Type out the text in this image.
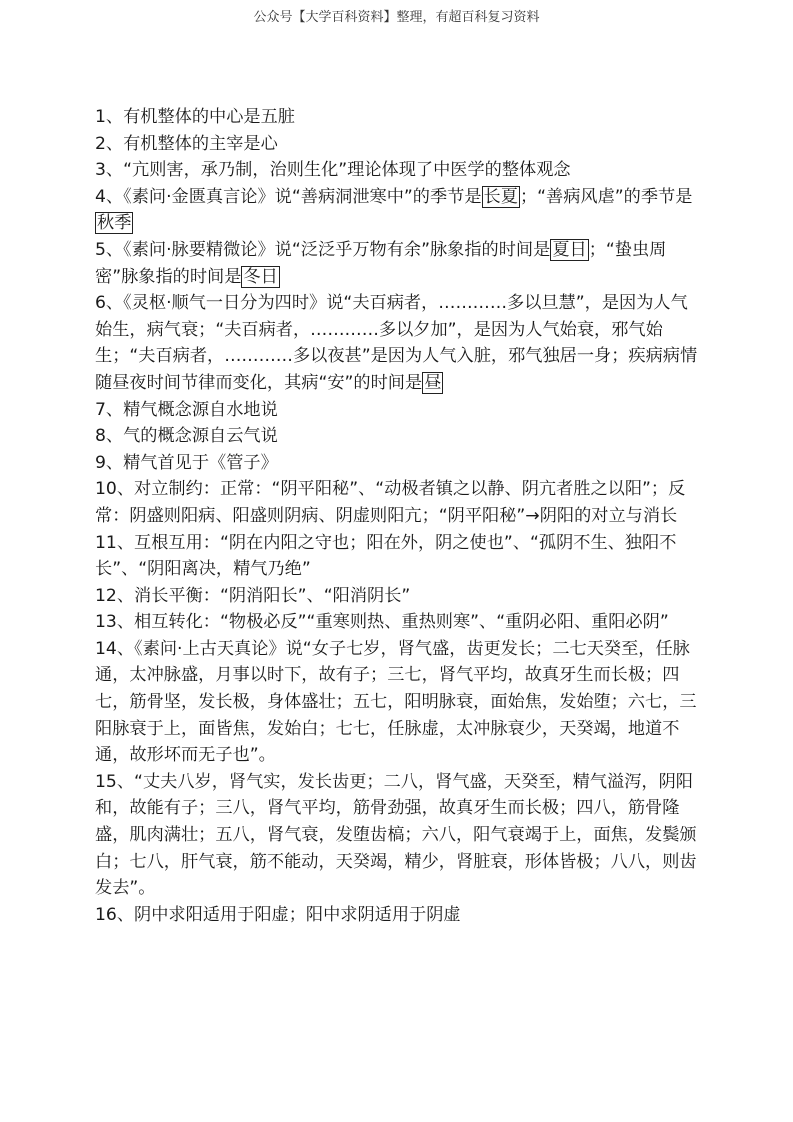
公众号【大学百科资料】整理，有超百科复习资料

1、有机整体的中心是五脏

2、有机整体的主宰是心

3、“亢则害，承乃制，治则生化”理论体现了中医学的整体观念

4、《素问·金匮真言论》说“善病洞泄寒中”的季节是 长夏 ；“善病风虐”的季节是秋季

5、《素问·脉要精微论》说“泛泛乎万物有余”脉象指的时间是 夏日 ；“蛰虫周密”脉象指的时间是 冬日

6、《灵枢·顺气一日分为四时》说“夫百病者，…………多以旦慧”，是因为人气始生，病气衰；“夫百病者，…………多以夕加”，是因为人气始衰，邪气始生；“夫百病者，…………多以夜甚”是因为人气入脏，邪气独居一身；疾病病情随昼夜时间节律而变化，其病“安”的时间是 昼

7、精气概念源自水地说

8、气的概念源自云气说

9、精气首见于《管子》

10、对立制约：正常：“阴平阳秘”、“动极者镇之以静、阴亢者胜之以阳”；反常：阴盛则阳病、阳盛则阴病、阴虚则阳亢；“阴平阳秘”→阴阳的对立与消长

11、互根互用：“阴在内阳之守也；阳在外，阴之使也”、“孤阴不生、独阳不长”、“阴阳离决，精气乃绝”

12、消长平衡：“阴消阳长”、“阳消阴长”

13、相互转化：“物极必反”“重寒则热、重热则寒”、“重阴必阳、重阳必阴”

14、《素问·上古天真论》说“女子七岁，肾气盛，齿更发长；二七天癸至，任脉通，太冲脉盛，月事以时下，故有子；三七，肾气平均，故真牙生而长极；四七，筋骨坚，发长极，身体盛壮；五七，阳明脉衰，面始焦，发始堕；六七，三阳脉衰于上，面皆焦，发始白；七七，任脉虚，太冲脉衰少，天癸竭，地道不通，故形坏而无子也”。

15、“丈夫八岁，肾气实，发长齿更；二八，肾气盛，天癸至，精气溢泻，阴阳和，故能有子；三八，肾气平均，筋骨劲强，故真牙生而长极；四八，筋骨隆盛，肌肉满壮；五八，肾气衰，发堕齿槁；六八，阳气衰竭于上，面焦，发鬓颁白；七八，肝气衰，筋不能动，天癸竭，精少，肾脏衰，形体皆极；八八，则齿发去”。

16、阴中求阳适用于阳虚；阳中求阴适用于阴虚
